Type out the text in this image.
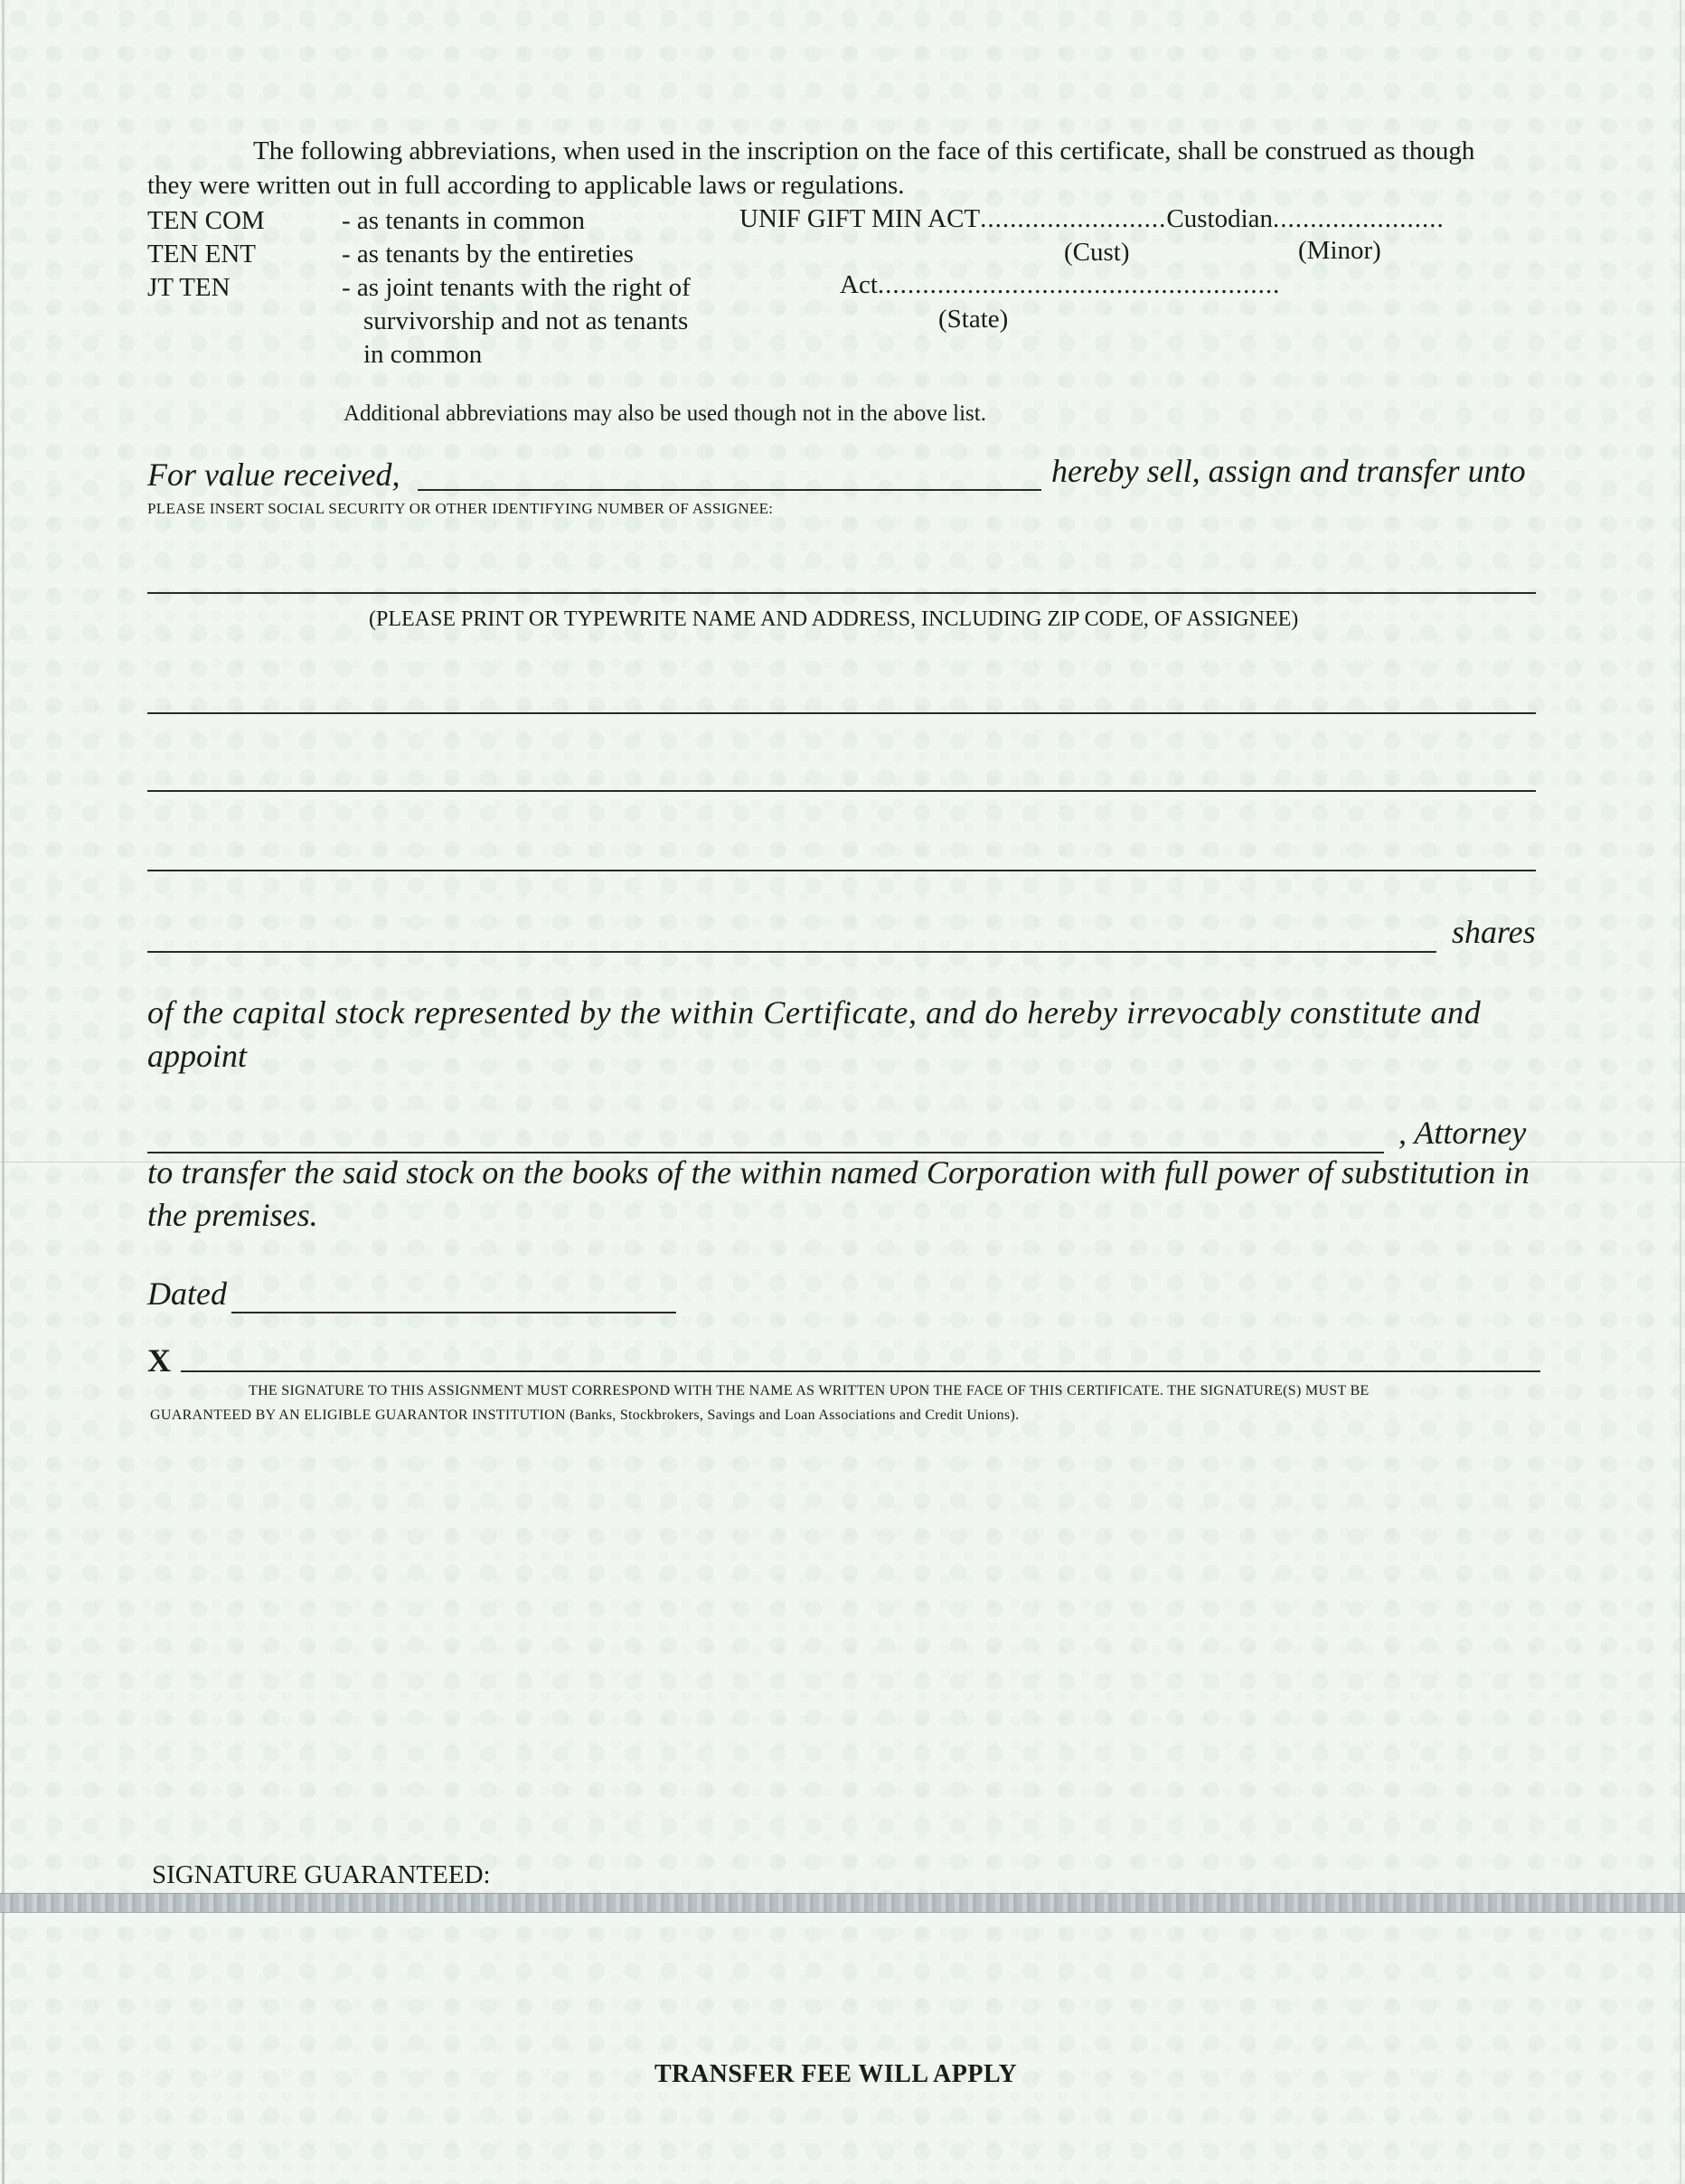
The following abbreviations, when used in the inscription on the face of this certificate, shall be construed as though
they were written out in full according to applicable laws or regulations.
TEN COM	- as tenants in common
TEN ENT	- as tenants by the entireties
JT TEN	- as joint tenants with the right of
survivorship and not as tenants
in common
UNIF GIFT MIN ACT.........................Custodian.......................
(Cust)	(Minor)
Act......................................................
(State)
Additional abbreviations may also be used though not in the above list.
For value received,	hereby sell, assign and transfer unto
PLEASE INSERT SOCIAL SECURITY OR OTHER IDENTIFYING NUMBER OF ASSIGNEE:
(PLEASE PRINT OR TYPEWRITE NAME AND ADDRESS, INCLUDING ZIP CODE, OF ASSIGNEE)
shares
of the capital stock represented by the within Certificate, and do hereby irrevocably constitute and
appoint
, Attorney
to transfer the said stock on the books of the within named Corporation with full power of substitution in
the premises.
Dated
X
THE SIGNATURE TO THIS ASSIGNMENT MUST CORRESPOND WITH THE NAME AS WRITTEN UPON THE FACE OF THIS CERTIFICATE. THE SIGNATURE(S) MUST BE
GUARANTEED BY AN ELIGIBLE GUARANTOR INSTITUTION (Banks, Stockbrokers, Savings and Loan Associations and Credit Unions).
SIGNATURE GUARANTEED:
TRANSFER FEE WILL APPLY
